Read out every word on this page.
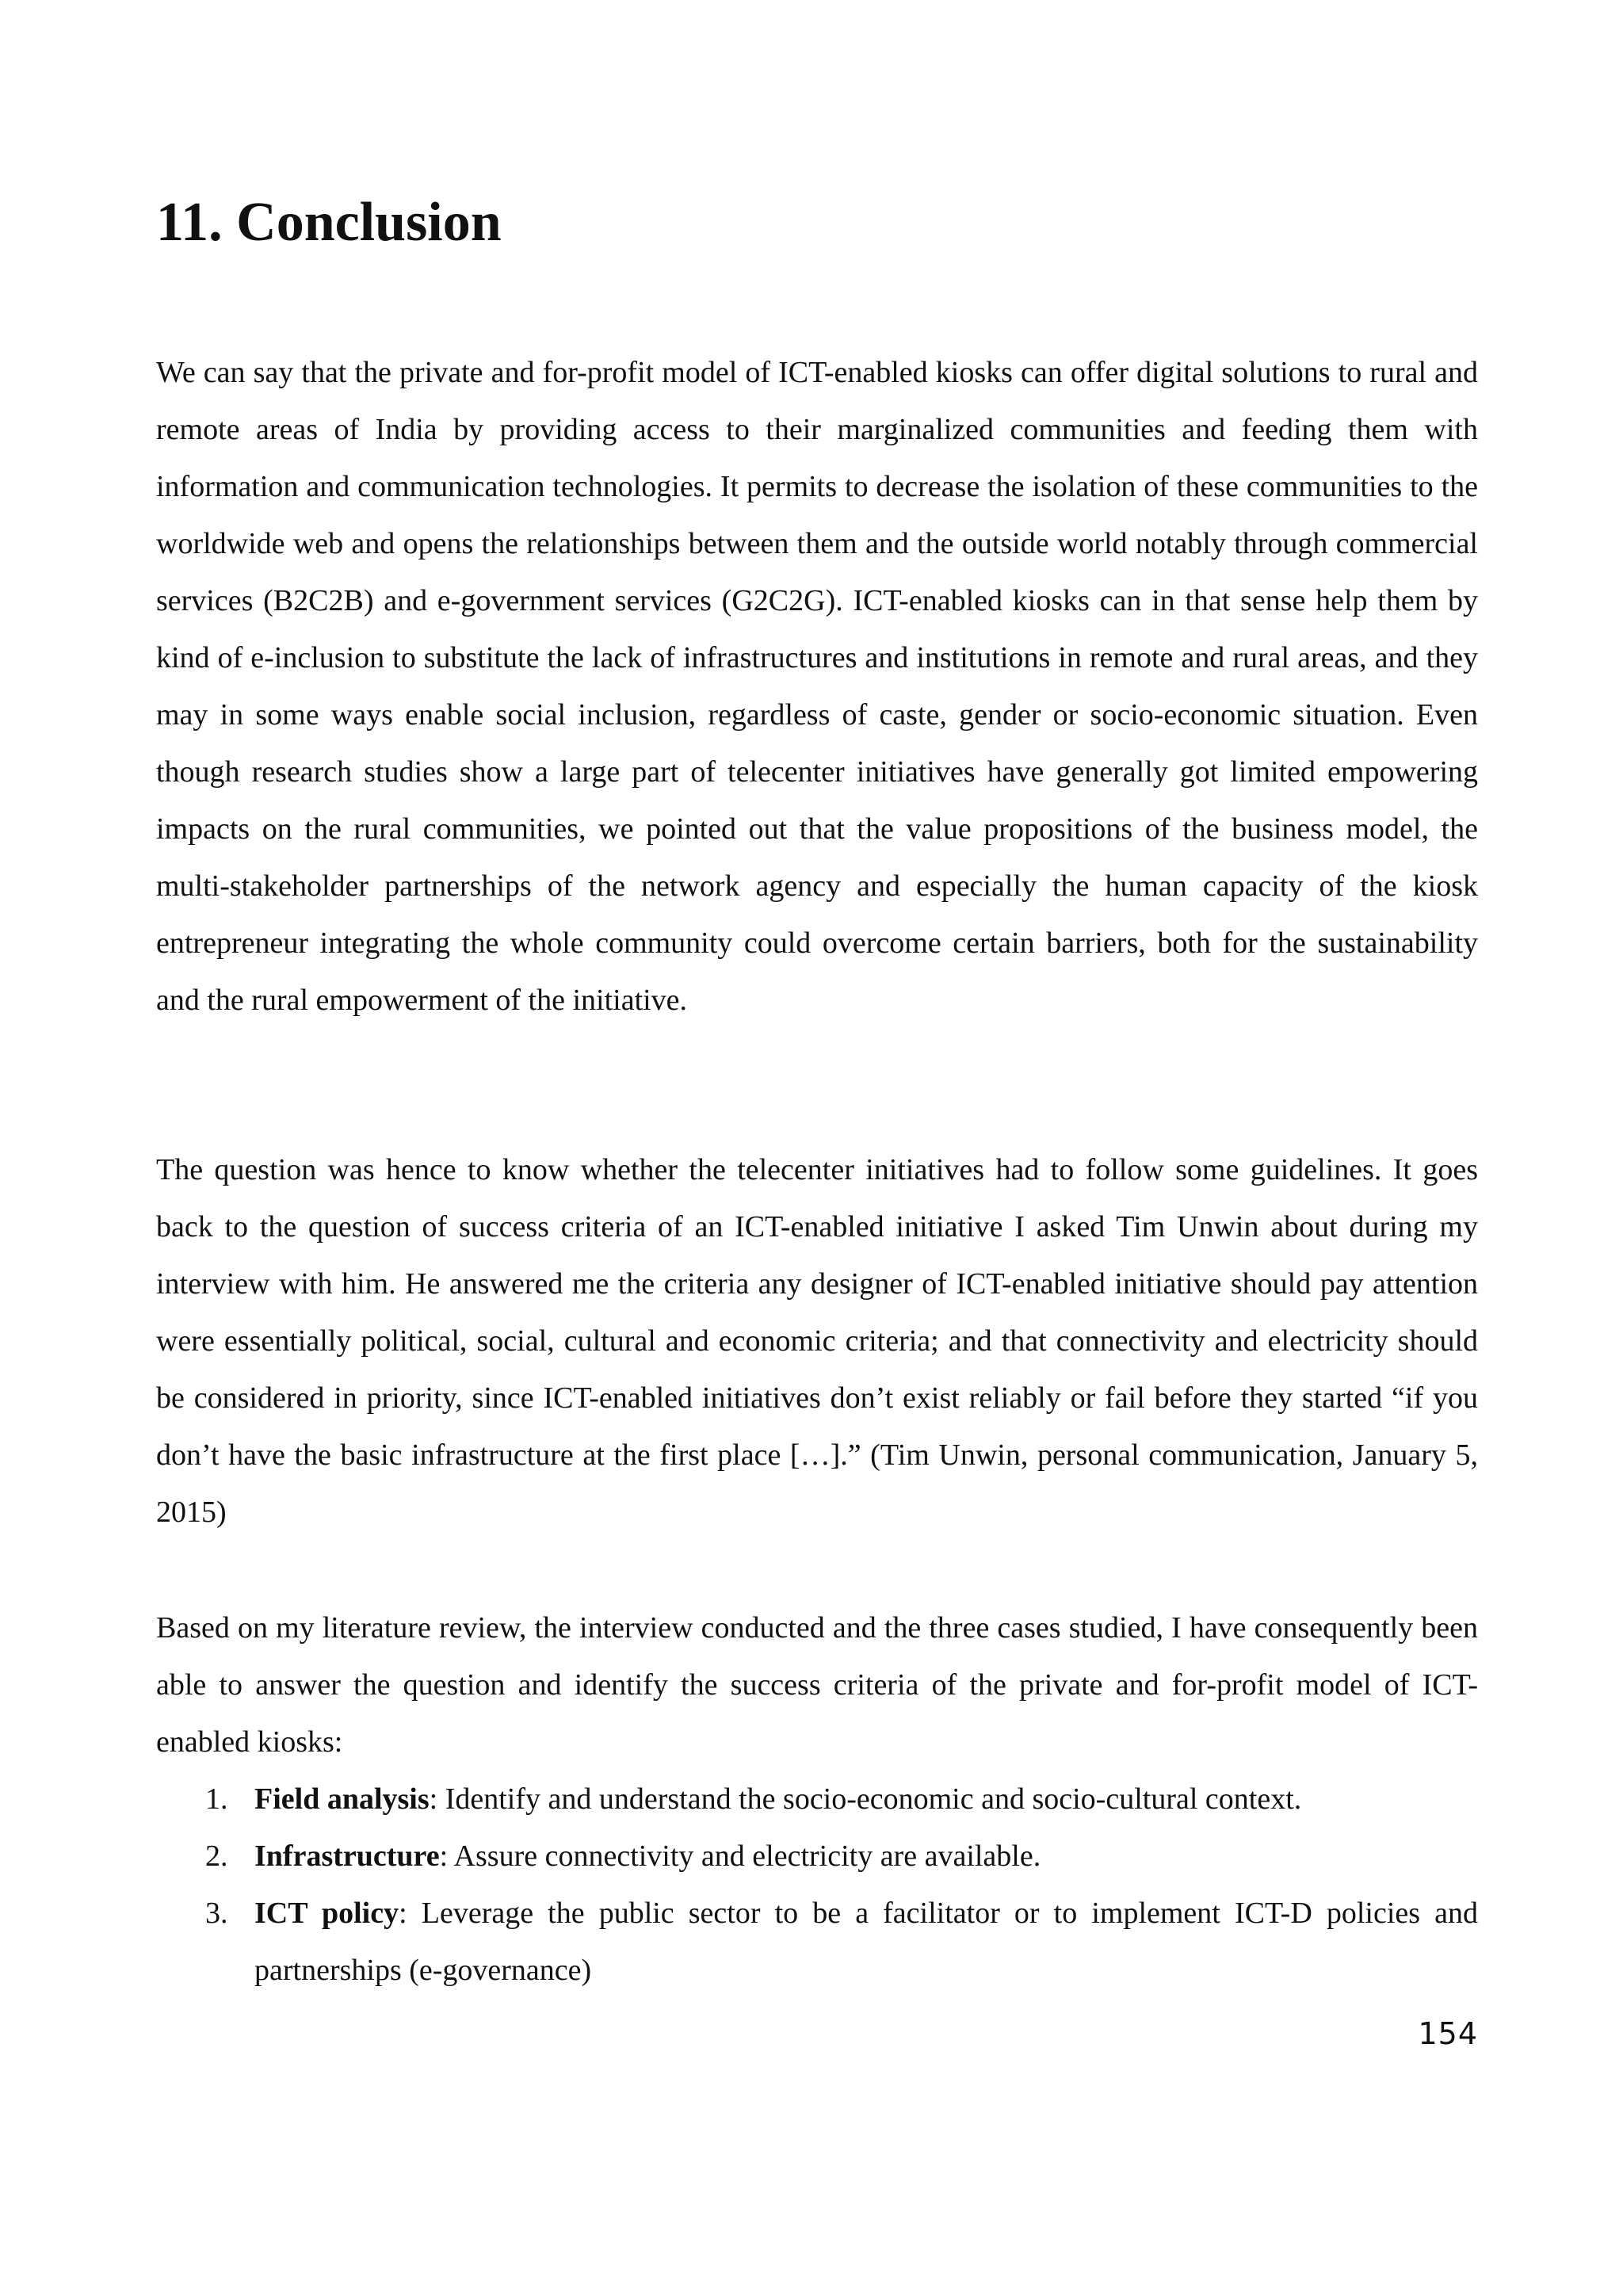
11. Conclusion

We can say that the private and for-profit model of ICT-enabled kiosks can offer digital solutions to rural and remote areas of India by providing access to their marginalized communities and feeding them with information and communication technologies. It permits to decrease the isolation of these communities to the worldwide web and opens the relationships between them and the outside world notably through commercial services (B2C2B) and e-government services (G2C2G). ICT-enabled kiosks can in that sense help them by kind of e-inclusion to substitute the lack of infrastructures and institutions in remote and rural areas, and they may in some ways enable social inclusion, regardless of caste, gender or socio-economic situation. Even though research studies show a large part of telecenter initiatives have generally got limited empowering impacts on the rural communities, we pointed out that the value propositions of the business model, the multi-stakeholder partnerships of the network agency and especially the human capacity of the kiosk entrepreneur integrating the whole community could overcome certain barriers, both for the sustainability and the rural empowerment of the initiative.

The question was hence to know whether the telecenter initiatives had to follow some guidelines. It goes back to the question of success criteria of an ICT-enabled initiative I asked Tim Unwin about during my interview with him. He answered me the criteria any designer of ICT-enabled initiative should pay attention were essentially political, social, cultural and economic criteria; and that connectivity and electricity should be considered in priority, since ICT-enabled initiatives don’t exist reliably or fail before they started “if you don’t have the basic infrastructure at the first place […].” (Tim Unwin, personal communication, January 5, 2015)

Based on my literature review, the interview conducted and the three cases studied, I have consequently been able to answer the question and identify the success criteria of the private and for-profit model of ICT-enabled kiosks:

1. Field analysis: Identify and understand the socio-economic and socio-cultural context.
2. Infrastructure: Assure connectivity and electricity are available.
3. ICT policy: Leverage the public sector to be a facilitator or to implement ICT-D policies and partnerships (e-governance)
154
